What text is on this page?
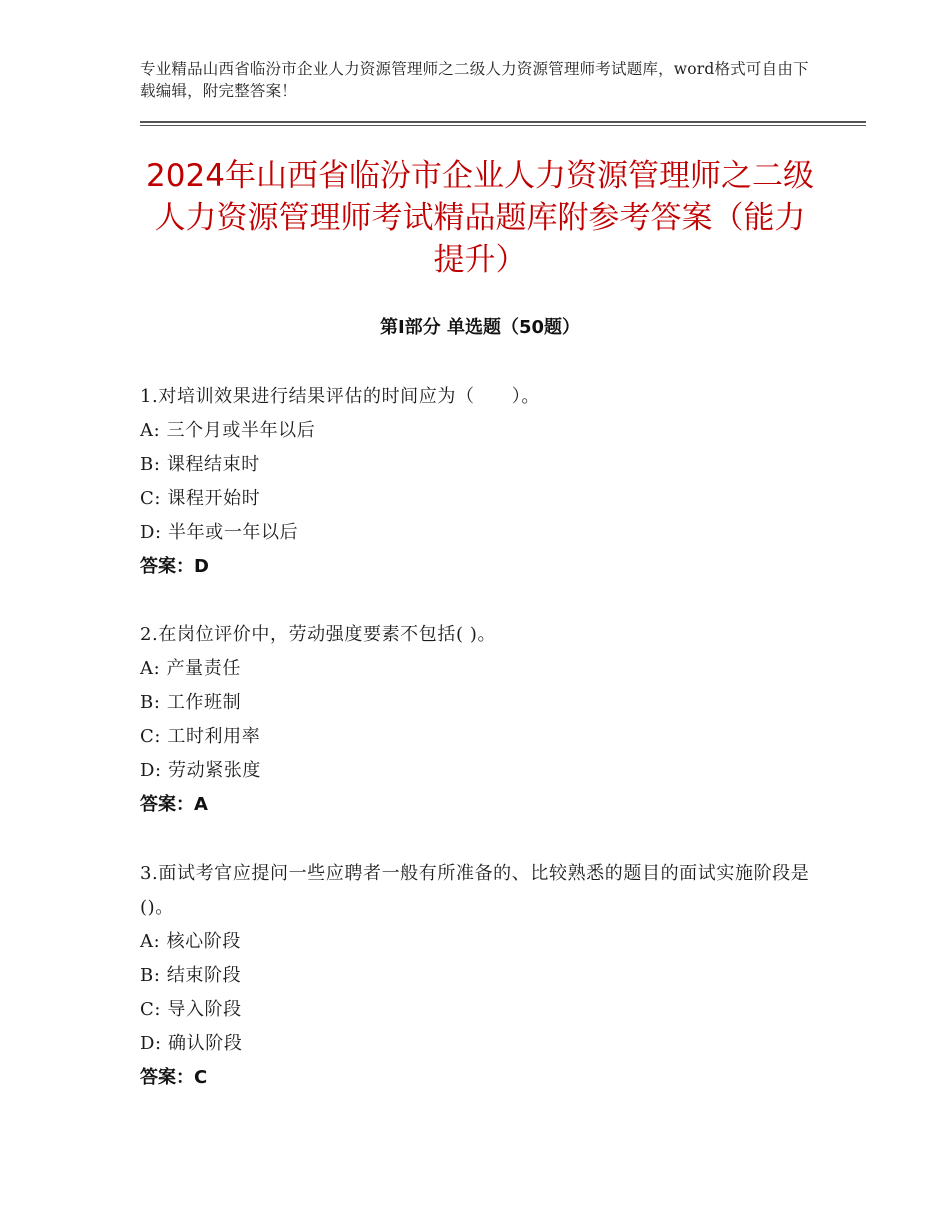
专业精品山西省临汾市企业人力资源管理师之二级人力资源管理师考试题库，word格式可自由下载编辑，附完整答案！
2024年山西省临汾市企业人力资源管理师之二级人力资源管理师考试精品题库附参考答案（能力提升）
第Ⅰ部分 单选题（50题）
1.对培训效果进行结果评估的时间应为（　　）。
A: 三个月或半年以后
B: 课程结束时
C: 课程开始时
D: 半年或一年以后
答案：D
2.在岗位评价中，劳动强度要素不包括( )。
A: 产量责任
B: 工作班制
C: 工时利用率
D: 劳动紧张度
答案：A
3.面试考官应提问一些应聘者一般有所准备的、比较熟悉的题目的面试实施阶段是()。
A: 核心阶段
B: 结束阶段
C: 导入阶段
D: 确认阶段
答案：C
